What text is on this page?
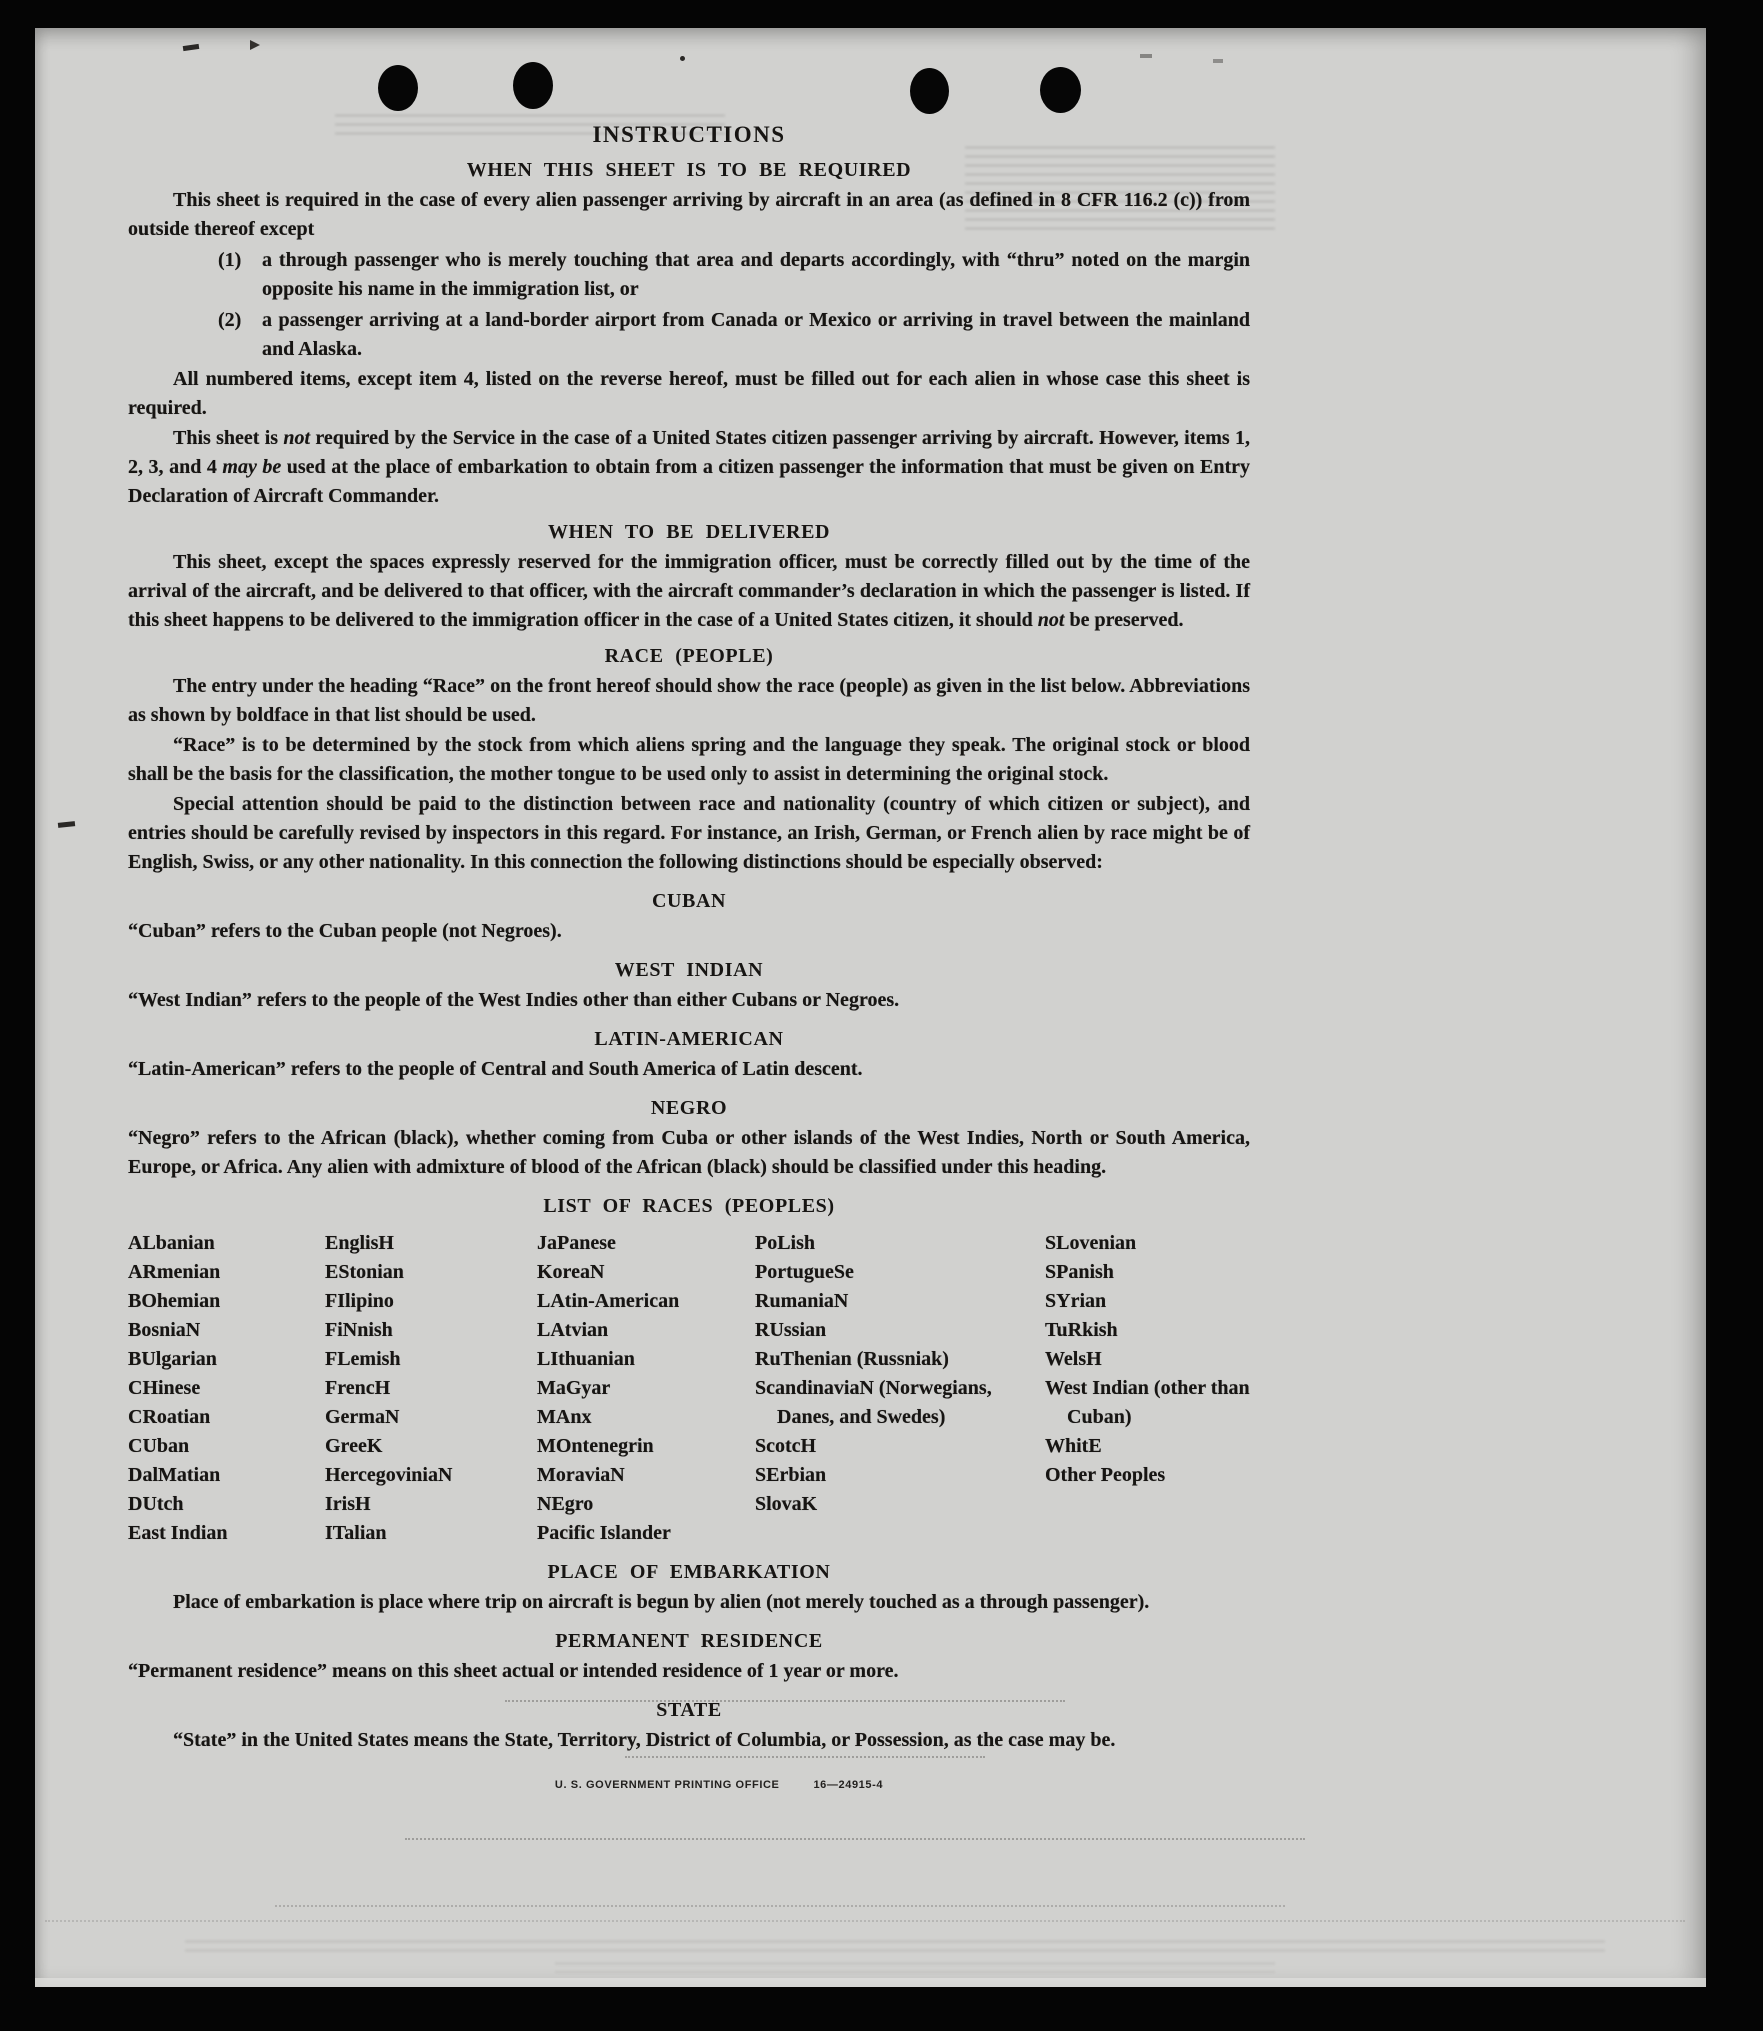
INSTRUCTIONS
WHEN THIS SHEET IS TO BE REQUIRED

This sheet is required in the case of every alien passenger arriving by aircraft in an area (as defined in 8 CFR 116.2 (c)) from outside thereof except

(1) a through passenger who is merely touching that area and departs accordingly, with “thru” noted on the margin opposite his name in the immigration list, or
(2) a passenger arriving at a land-border airport from Canada or Mexico or arriving in travel between the mainland and Alaska.

All numbered items, except item 4, listed on the reverse hereof, must be filled out for each alien in whose case this sheet is required.

This sheet is not required by the Service in the case of a United States citizen passenger arriving by aircraft. However, items 1, 2, 3, and 4 may be used at the place of embarkation to obtain from a citizen passenger the information that must be given on Entry Declaration of Aircraft Commander.

WHEN TO BE DELIVERED

This sheet, except the spaces expressly reserved for the immigration officer, must be correctly filled out by the time of the arrival of the aircraft, and be delivered to that officer, with the aircraft commander’s declaration in which the passenger is listed. If this sheet happens to be delivered to the immigration officer in the case of a United States citizen, it should not be preserved.

RACE (PEOPLE)

The entry under the heading “Race” on the front hereof should show the race (people) as given in the list below. Abbreviations as shown by boldface in that list should be used.

“Race” is to be determined by the stock from which aliens spring and the language they speak. The original stock or blood shall be the basis for the classification, the mother tongue to be used only to assist in determining the original stock.

Special attention should be paid to the distinction between race and nationality (country of which citizen or subject), and entries should be carefully revised by inspectors in this regard. For instance, an Irish, German, or French alien by race might be of English, Swiss, or any other nationality. In this connection the following distinctions should be especially observed:

CUBAN

“Cuban” refers to the Cuban people (not Negroes).

WEST INDIAN

“West Indian” refers to the people of the West Indies other than either Cubans or Negroes.

LATIN-AMERICAN

“Latin-American” refers to the people of Central and South America of Latin descent.

NEGRO

“Negro” refers to the African (black), whether coming from Cuba or other islands of the West Indies, North or South America, Europe, or Africa. Any alien with admixture of blood of the African (black) should be classified under this heading.

LIST OF RACES (PEOPLES)
ALbanian
ARmenian
BOhemian
BosniaN
BUlgarian
CHinese
CRoatian
CUban
DalMatian
DUtch
East Indian
EnglisH
EStonian
FIlipino
FiNnish
FLemish
FrencH
GermaN
GreeK
HercegoviniaN
IrisH
ITalian
JaPanese
KoreaN
LAtin-American
LAtvian
LIthuanian
MaGyar
MAnx
MOntenegrin
MoraviaN
NEgro
Pacific Islander
PoLish
PortugueSe
RumaniaN
RUssian
RuThenian (Russniak)
ScandinaviaN (Norwegians, Danes, and Swedes)
ScotcH
SErbian
SlovaK
SLovenian
SPanish
SYrian
TuRkish
WelsH
West Indian (other than Cuban)
WhitE
Other Peoples
PLACE OF EMBARKATION

Place of embarkation is place where trip on aircraft is begun by alien (not merely touched as a through passenger).

PERMANENT RESIDENCE

“Permanent residence” means on this sheet actual or intended residence of 1 year or more.

STATE

“State” in the United States means the State, Territory, District of Columbia, or Possession, as the case may be.

U. S. GOVERNMENT PRINTING OFFICE	16—24915-4
